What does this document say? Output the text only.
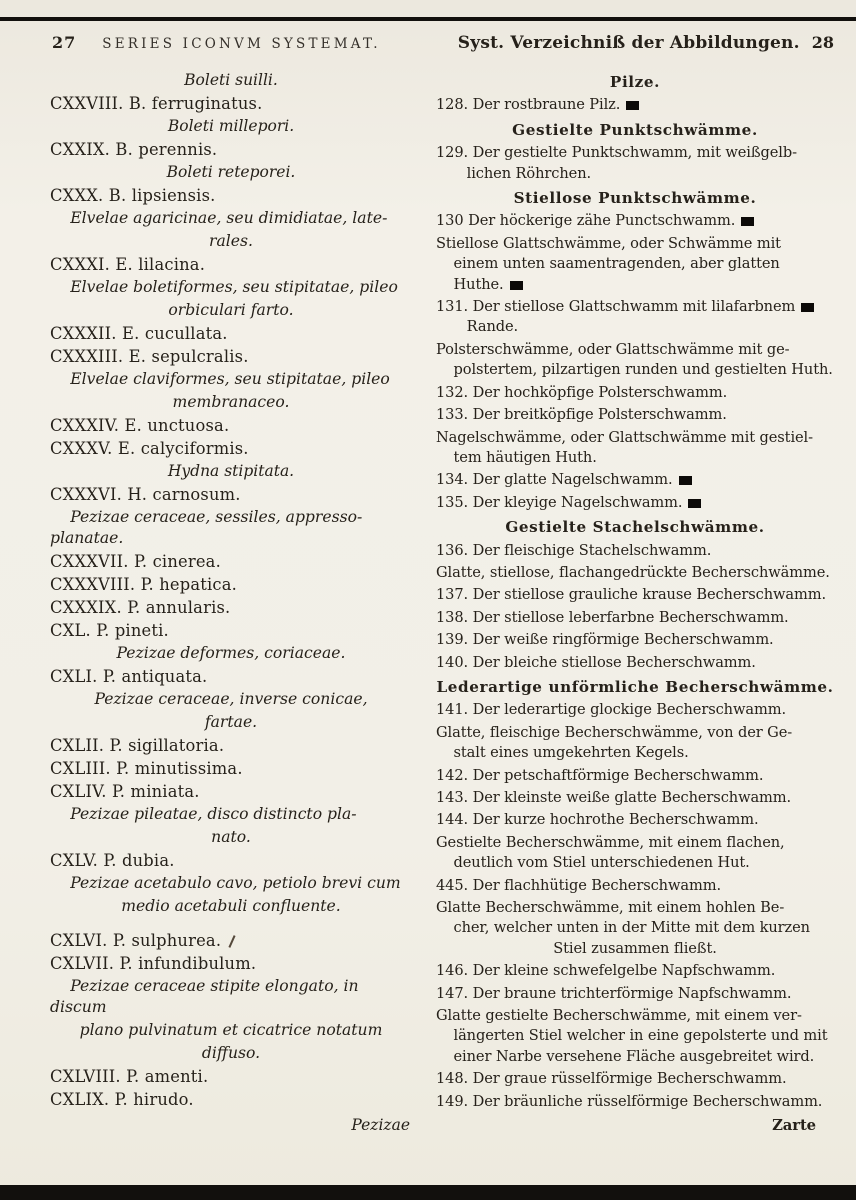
27 SERIES ICONVM SYSTEMAT.	Syst. Verzeichniß der Abbildungen. 28
Boleti suilli.
CXXVIII. B. ferruginatus.
Boleti millepori.
CXXIX. B. perennis.
Boleti reteporei.
CXXX. B. lipsiensis.
Elvelae agaricinae, seu dimidiatae, late-
rales.
CXXXI. E. lilacina.
Elvelae boletiformes, seu stipitatae, pileo
orbiculari farto.
CXXXII. E. cucullata.
CXXXIII. E. sepulcralis.
Elvelae claviformes, seu stipitatae, pileo
membranaceo.
CXXXIV. E. unctuosa.
CXXXV. E. calyciformis.
Hydna stipitata.
CXXXVI. H. carnosum.
Pezizae ceraceae, sessiles, appresso-planatae.
CXXXVII. P. cinerea.
CXXXVIII. P. hepatica.
CXXXIX. P. annularis.
CXL. P. pineti.
Pezizae deformes, coriaceae.
CXLI. P. antiquata.
Pezizae ceraceae, inverse conicae,
fartae.
CXLII. P. sigillatoria.
CXLIII. P. minutissima.
CXLIV. P. miniata.
Pezizae pileatae, disco distincto pla-
nato.
CXLV. P. dubia.
Pezizae acetabulo cavo, petiolo brevi cum
medio acetabuli confluente.
CXLVI. P. sulphurea.
CXLVII. P. infundibulum.
Pezizae ceraceae stipite elongato, in discum
plano pulvinatum et cicatrice notatum
diffuso.
CXLVIII. P. amenti.
CXLIX. P. hirudo.
Pezizae
Pilze.
128. Der rostbraune Pilz.
Gestielte Punktschwämme.
129. Der gestielte Punktschwamm, mit weißgelb-
lichen Röhrchen.
Stiellose Punktschwämme.
130 Der höckerige zähe Punctschwamm.
Stiellose Glattschwämme, oder Schwämme mit
einem unten saamentragenden, aber glatten Huthe.
131. Der stiellose Glattschwamm mit lilafarbnem
Rande.
Polsterschwämme, oder Glattschwämme mit ge-
polstertem, pilzartigen runden und gestielten Huth.
132. Der hochköpfige Polsterschwamm.
133. Der breitköpfige Polsterschwamm.
Nagelschwämme, oder Glattschwämme mit gestiel-
tem häutigen Huth.
134. Der glatte Nagelschwamm.
135. Der kleyige Nagelschwamm.
Gestielte Stachelschwämme.
136. Der fleischige Stachelschwamm.
Glatte, stiellose, flachangedrückte Becherschwämme.
137. Der stiellose grauliche krause Becherschwamm.
138. Der stiellose leberfarbne Becherschwamm.
139. Der weiße ringförmige Becherschwamm.
140. Der bleiche stiellose Becherschwamm.
Lederartige unförmliche Becherschwämme.
141. Der lederartige glockige Becherschwamm.
Glatte, fleischige Becherschwämme, von der Ge-
stalt eines umgekehrten Kegels.
142. Der petschaftförmige Becherschwamm.
143. Der kleinste weiße glatte Becherschwamm.
144. Der kurze hochrothe Becherschwamm.
Gestielte Becherschwämme, mit einem flachen,
deutlich vom Stiel unterschiedenen Hut.
445. Der flachhütige Becherschwamm.
Glatte Becherschwämme, mit einem hohlen Be-
cher, welcher unten in der Mitte mit dem kurzen
Stiel zusammen fließt.
146. Der kleine schwefelgelbe Napfschwamm.
147. Der braune trichterförmige Napfschwamm.
Glatte gestielte Becherschwämme, mit einem ver-
längerten Stiel welcher in eine gepolsterte und mit
einer Narbe versehene Fläche ausgebreitet wird.
148. Der graue rüsselförmige Becherschwamm.
149. Der bräunliche rüsselförmige Becherschwamm.
Zarte
